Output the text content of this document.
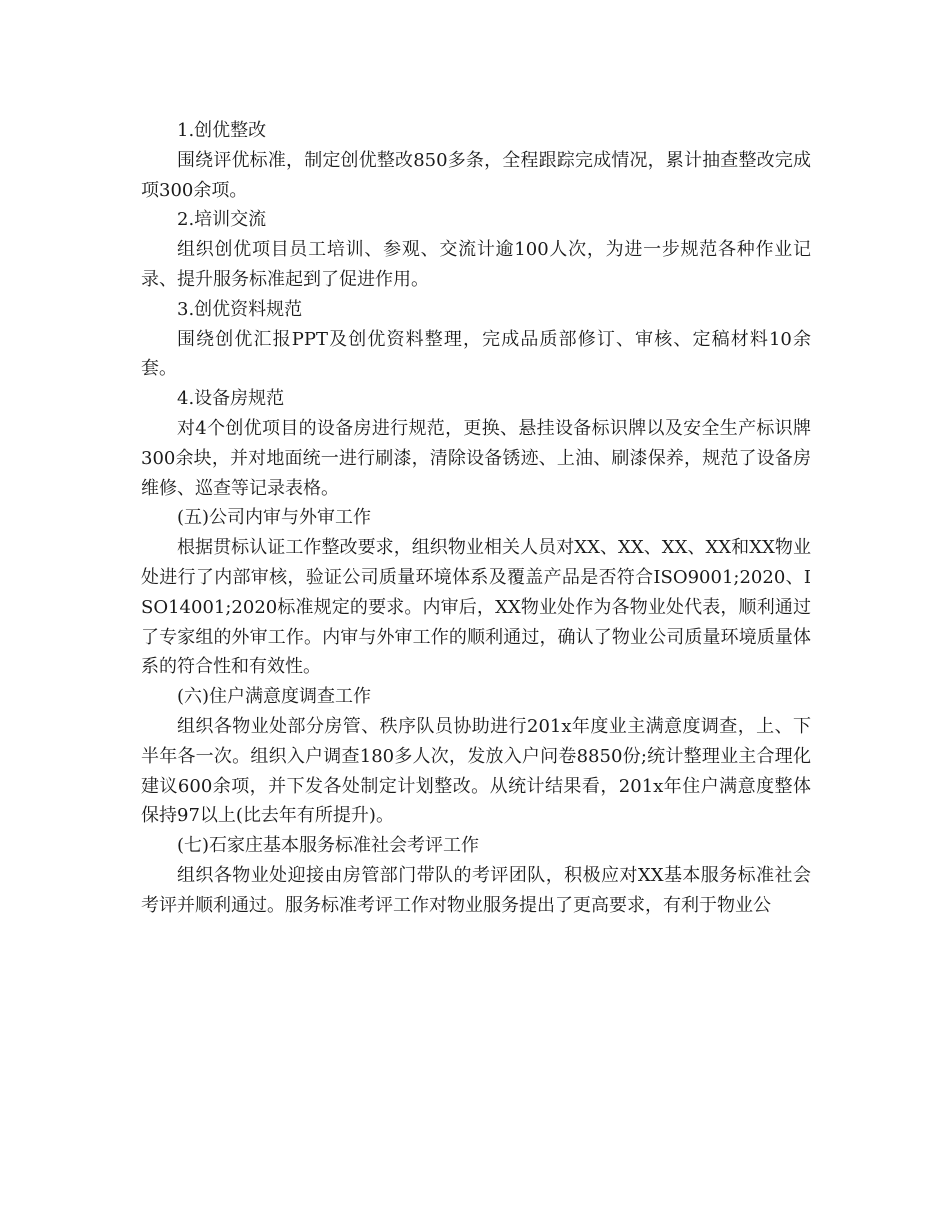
1.创优整改

围绕评优标准，制定创优整改850多条，全程跟踪完成情况，累计抽查整改完成项300余项。

2.培训交流

组织创优项目员工培训、参观、交流计逾100人次，为进一步规范各种作业记录、提升服务标准起到了促进作用。

3.创优资料规范

围绕创优汇报PPT及创优资料整理，完成品质部修订、审核、定稿材料10余套。

4.设备房规范

对4个创优项目的设备房进行规范，更换、悬挂设备标识牌以及安全生产标识牌300余块，并对地面统一进行刷漆，清除设备锈迹、上油、刷漆保养，规范了设备房维修、巡查等记录表格。

(五)公司内审与外审工作

根据贯标认证工作整改要求，组织物业相关人员对XX、XX、XX、XX和XX物业处进行了内部审核，验证公司质量环境体系及覆盖产品是否符合ISO9001;2020、ISO14001;2020标准规定的要求。内审后，XX物业处作为各物业处代表，顺利通过了专家组的外审工作。内审与外审工作的顺利通过，确认了物业公司质量环境质量体系的符合性和有效性。

(六)住户满意度调查工作

组织各物业处部分房管、秩序队员协助进行201x年度业主满意度调查，上、下半年各一次。组织入户调查180多人次，发放入户问卷8850份;统计整理业主合理化建议600余项，并下发各处制定计划整改。从统计结果看，201x年住户满意度整体保持97以上(比去年有所提升)。

(七)石家庄基本服务标准社会考评工作

组织各物业处迎接由房管部门带队的考评团队，积极应对XX基本服务标准社会考评并顺利通过。服务标准考评工作对物业服务提出了更高要求，有利于物业公
